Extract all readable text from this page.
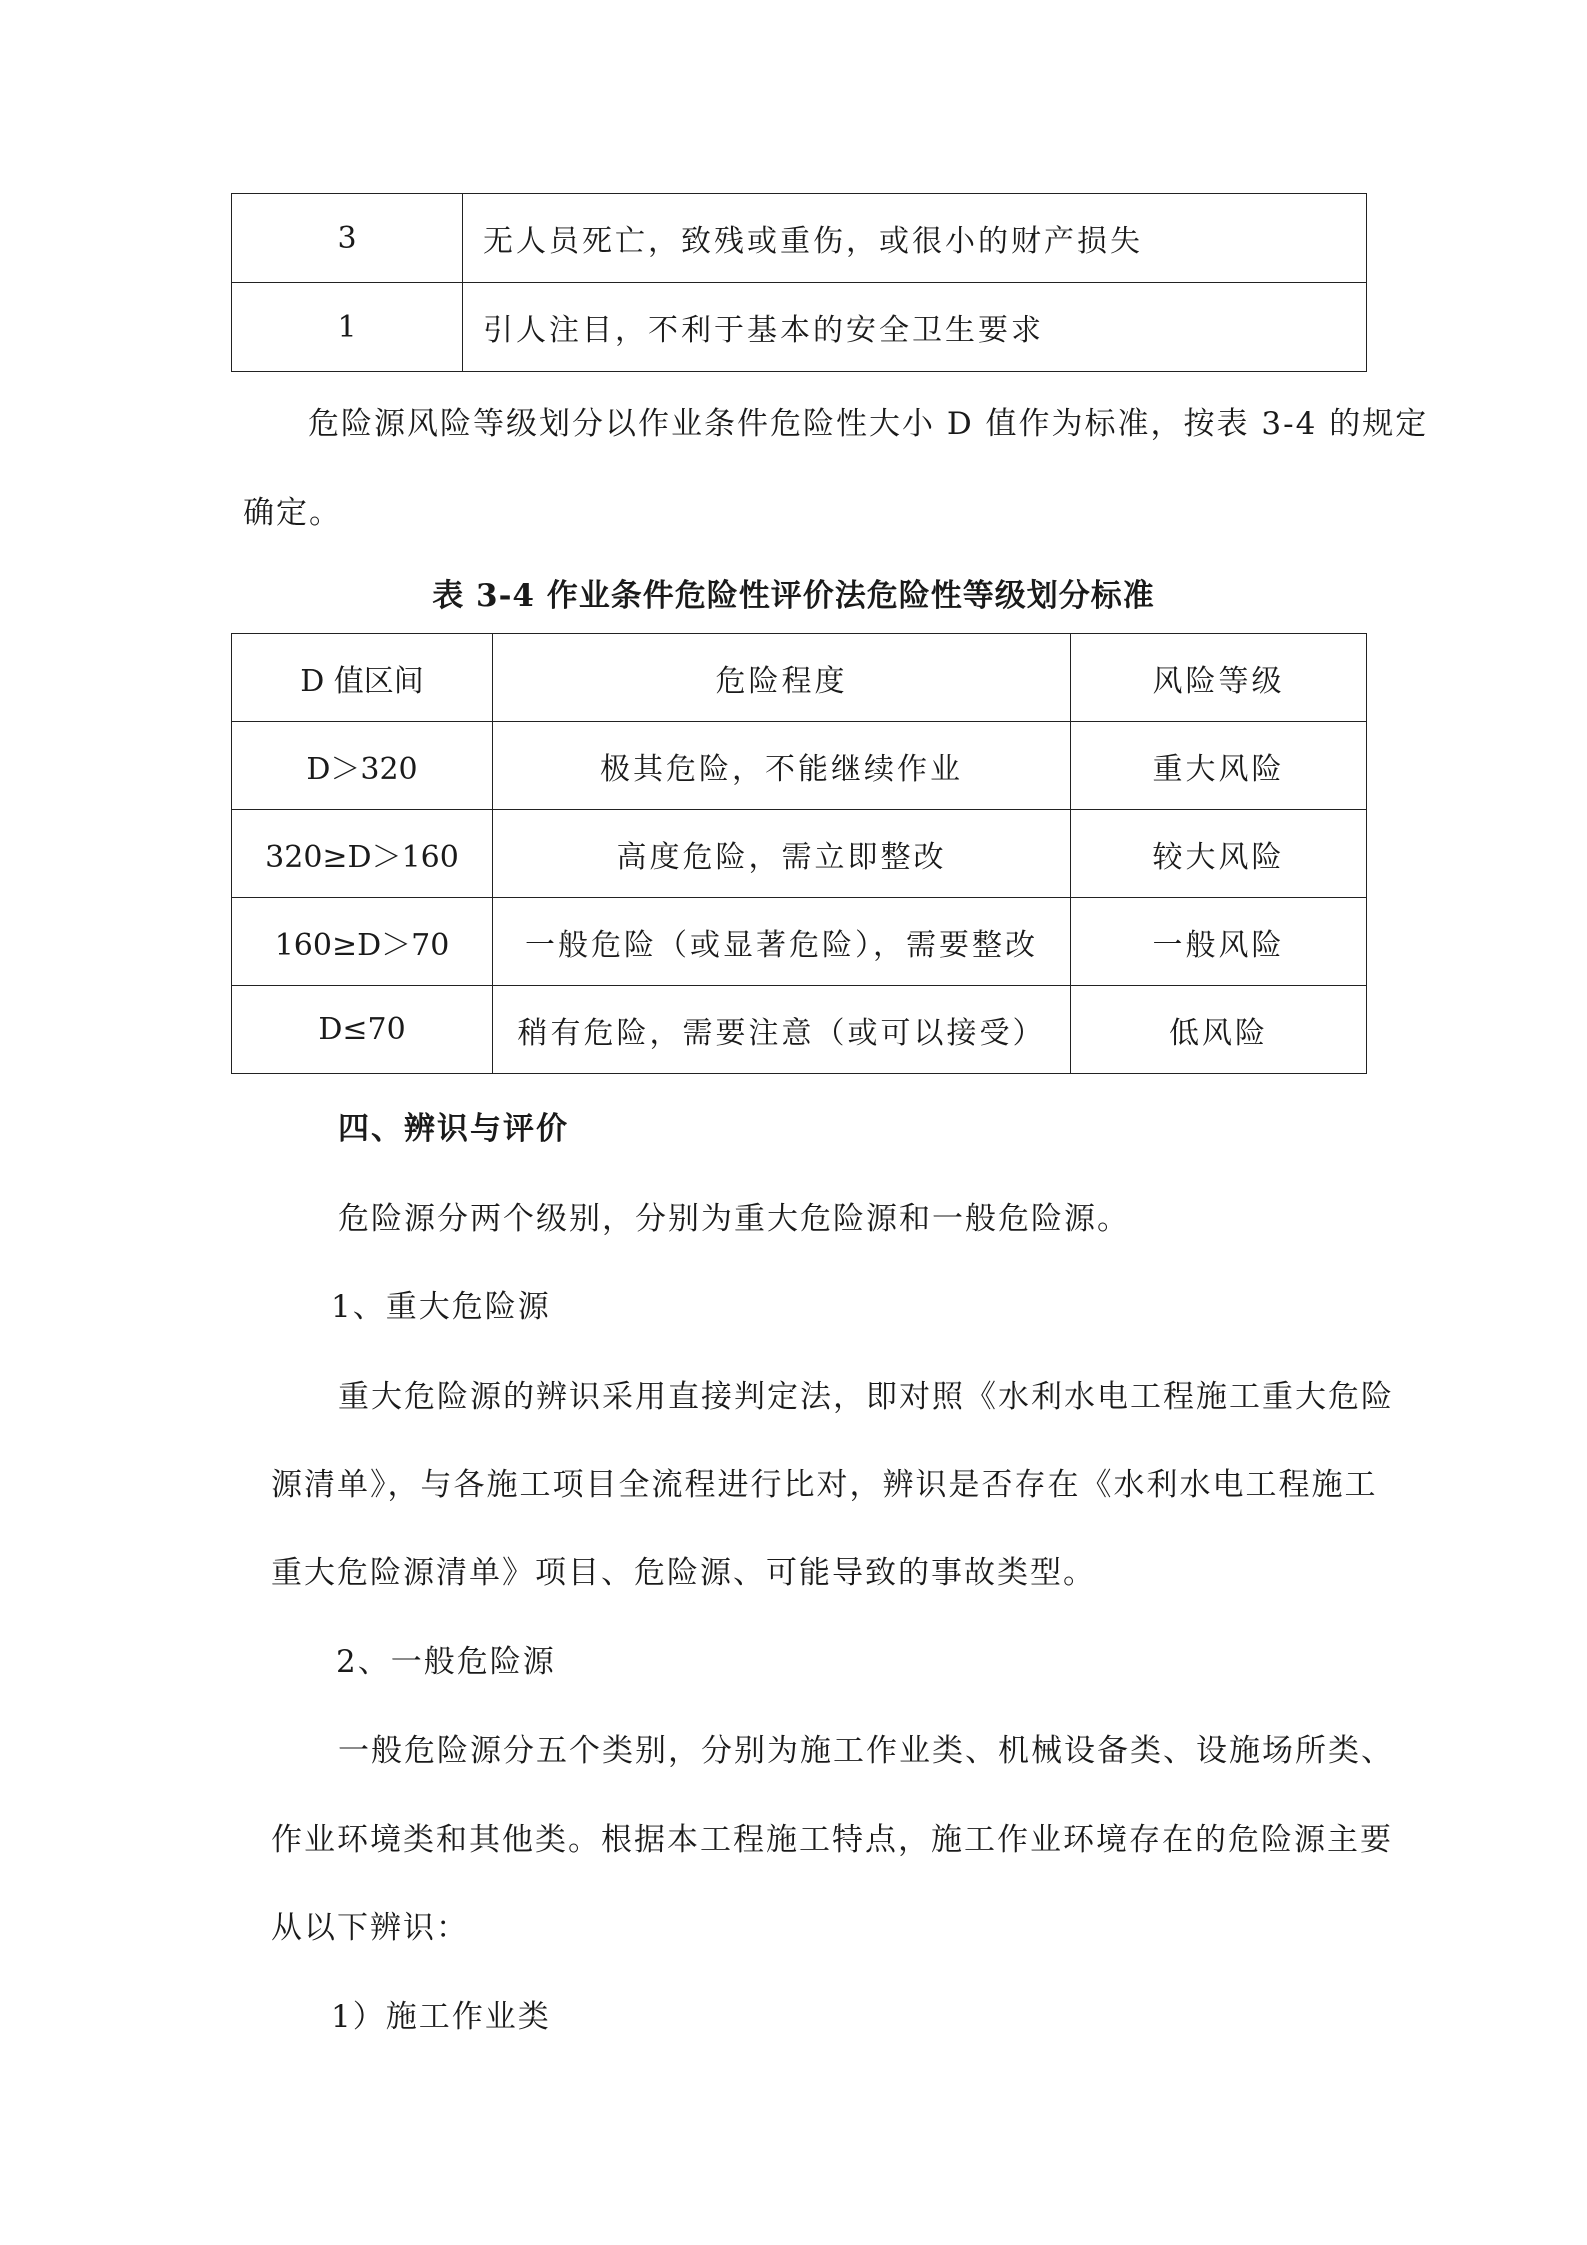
3	无人员死亡，致残或重伤，或很小的财产损失
1	引人注目，不利于基本的安全卫生要求
危险源风险等级划分以作业条件危险性大小 D 值作为标准，按表 3-4 的规定
确定。
表 3-4 作业条件危险性评价法危险性等级划分标准
D 值区间	危险程度	风险等级
D＞320	极其危险，不能继续作业	重大风险
320≥D＞160	高度危险，需立即整改	较大风险
160≥D＞70	一般危险（或显著危险），需要整改	一般风险
D≤70	稍有危险，需要注意（或可以接受）	低风险
四、辨识与评价
危险源分两个级别，分别为重大危险源和一般危险源。
1、重大危险源
重大危险源的辨识采用直接判定法，即对照《水利水电工程施工重大危险
源清单》，与各施工项目全流程进行比对，辨识是否存在《水利水电工程施工
重大危险源清单》项目、危险源、可能导致的事故类型。
2、一般危险源
一般危险源分五个类别，分别为施工作业类、机械设备类、设施场所类、
作业环境类和其他类。根据本工程施工特点，施工作业环境存在的危险源主要
从以下辨识：
1）施工作业类
